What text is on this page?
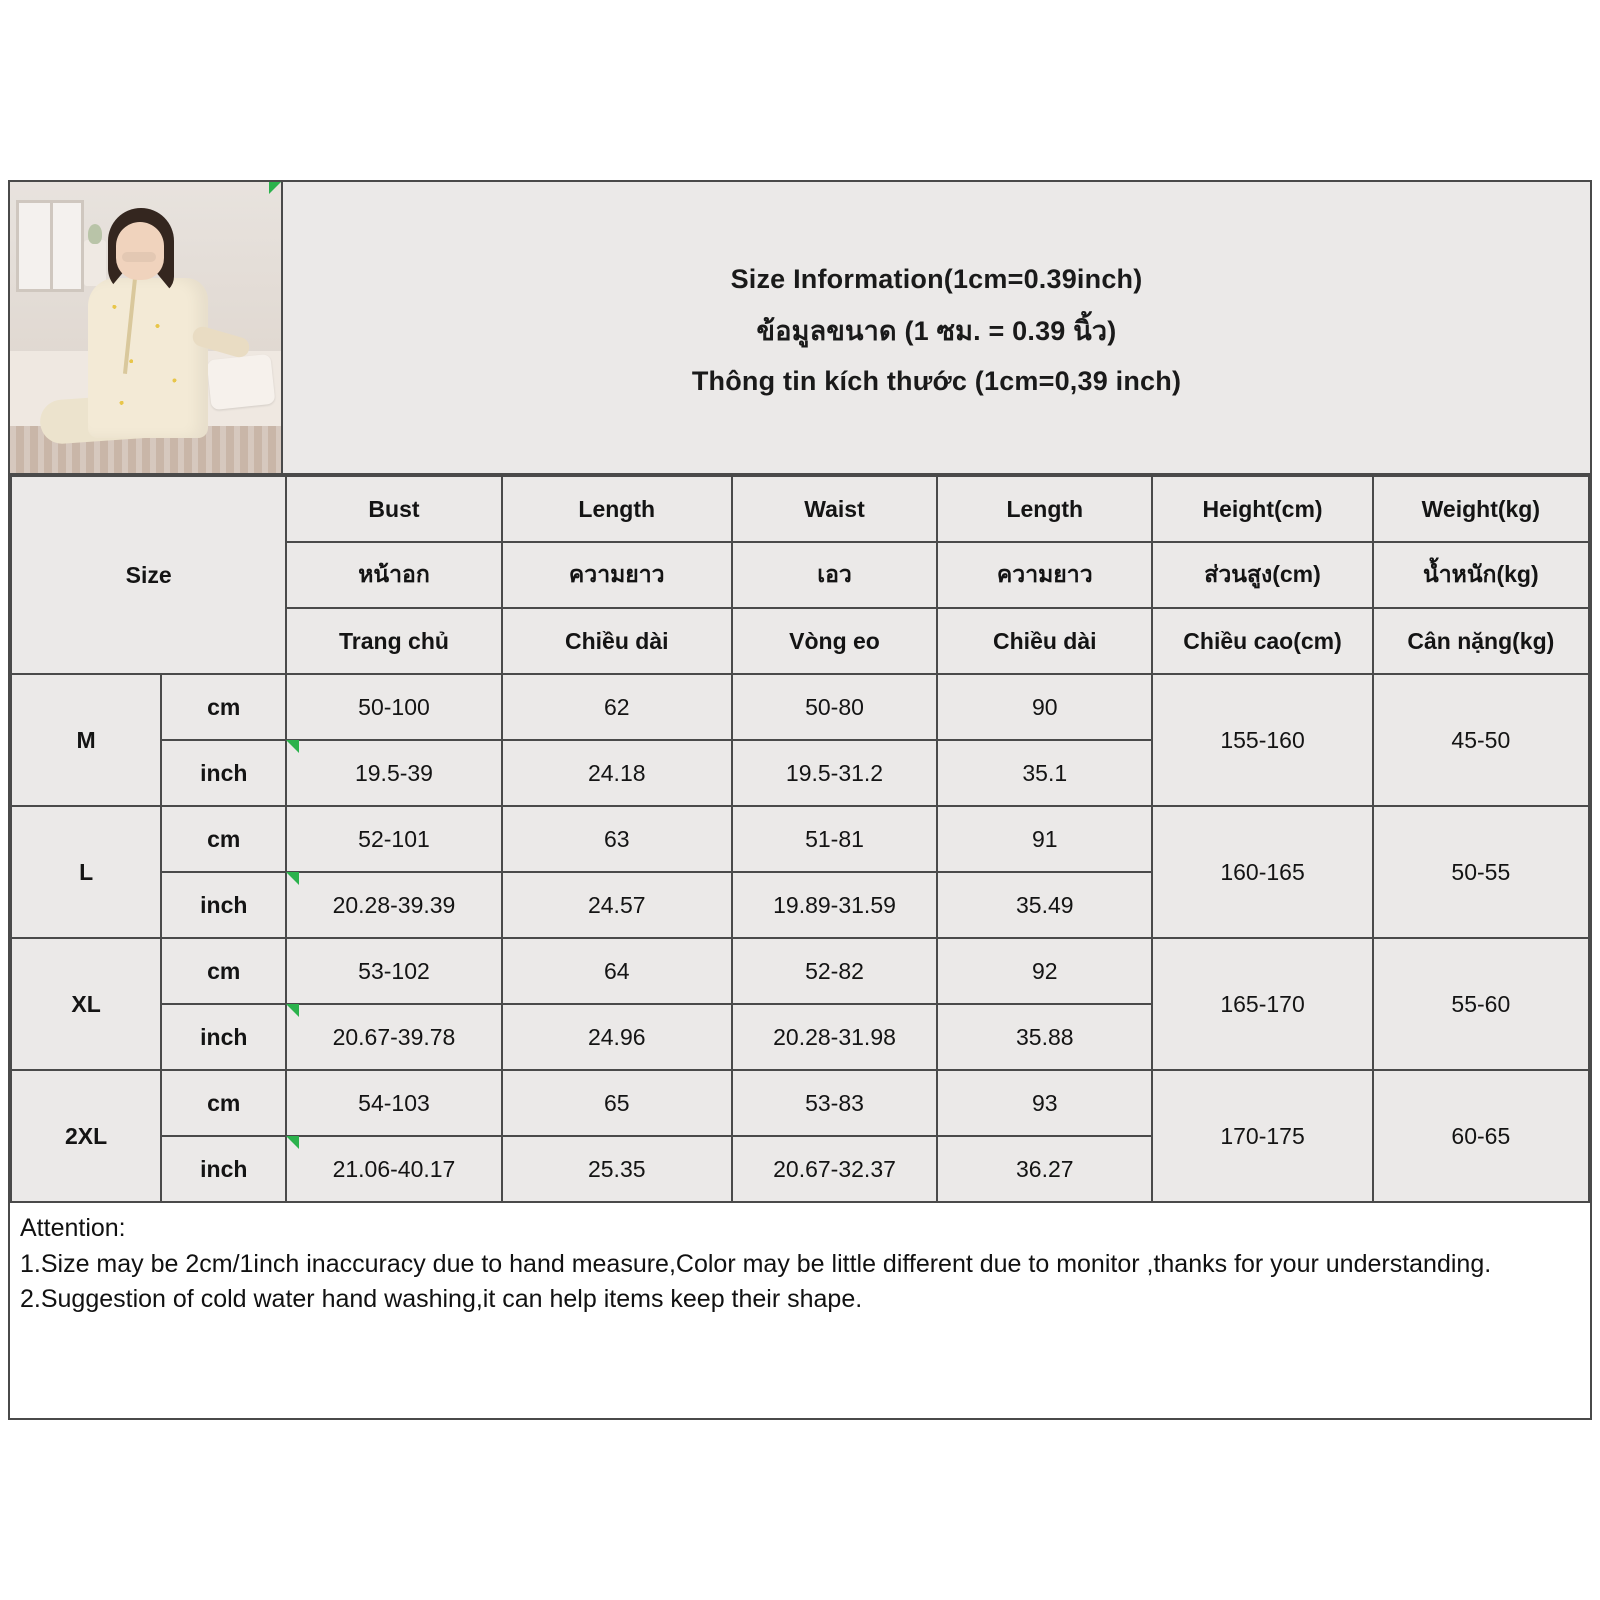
Size Information(1cm=0.39inch)
ข้อมูลขนาด (1 ซม. = 0.39 นิ้ว)
Thông tin kích thước (1cm=0,39 inch)
Size		Bust	Length	Waist	Length	Height(cm)	Weight(kg)
		หน้าอก	ความยาว	เอว	ความยาว	ส่วนสูง(cm)	น้ำหนัก(kg)
		Trang chủ	Chiều dài	Vòng eo	Chiều dài	Chiều cao(cm)	Cân nặng(kg)
M	cm	50-100	62	50-80	90	155-160	45-50
	inch	19.5-39	24.18	19.5-31.2	35.1		
L	cm	52-101	63	51-81	91	160-165	50-55
	inch	20.28-39.39	24.57	19.89-31.59	35.49		
XL	cm	53-102	64	52-82	92	165-170	55-60
	inch	20.67-39.78	24.96	20.28-31.98	35.88		
2XL	cm	54-103	65	53-83	93	170-175	60-65
	inch	21.06-40.17	25.35	20.67-32.37	36.27		

Attention:

1.Size may be 2cm/1inch inaccuracy due to hand measure,Color may be little different due to monitor ,thanks for your understanding.

2.Suggestion of cold water hand washing,it can help items keep their shape.
